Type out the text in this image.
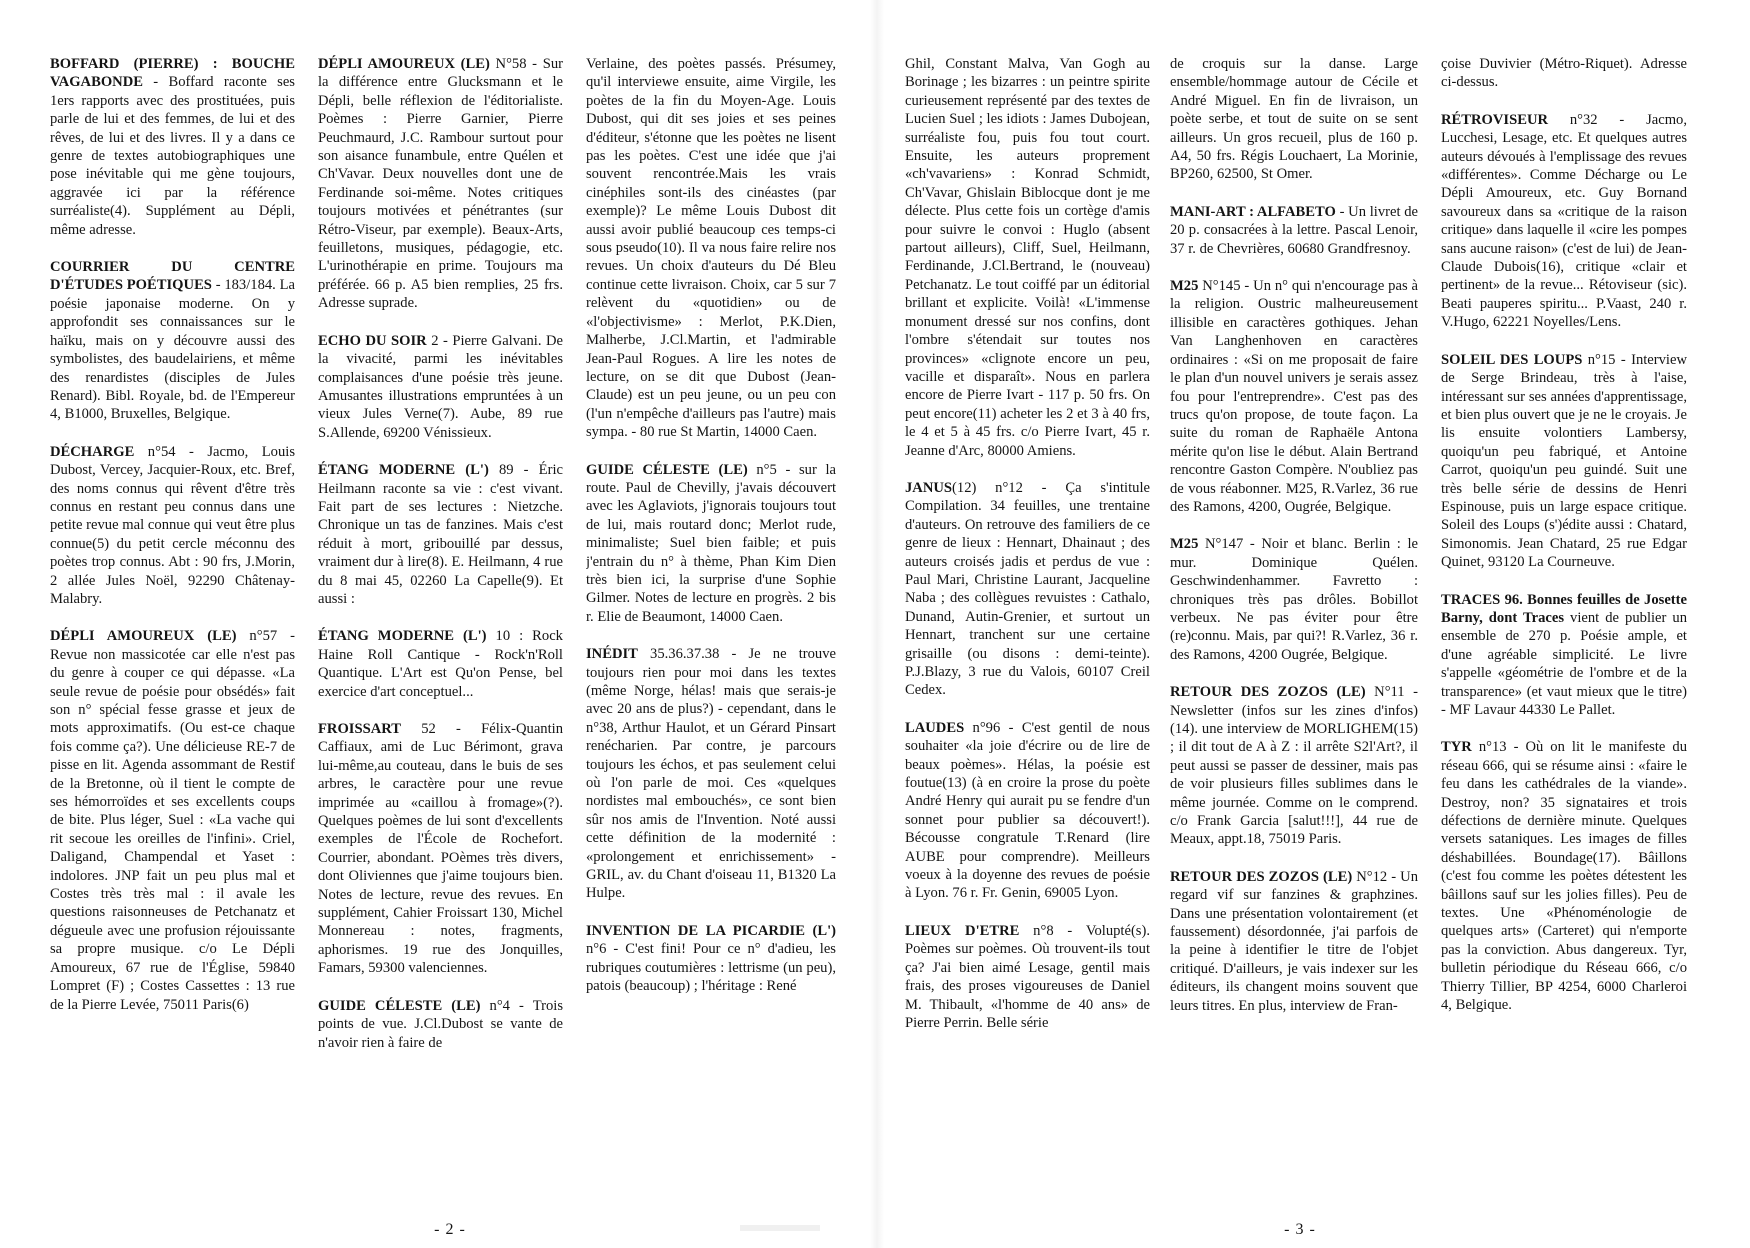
BOFFARD (PIERRE) : BOUCHE VAGABONDE - Boffard raconte ses 1ers rapports avec des prostituées, puis parle de lui et des femmes, de lui et des rêves, de lui et des livres. Il y a dans ce genre de textes autobiographiques une pose inévitable qui me gène toujours, aggravée ici par la référence surréaliste(4). Supplément au Dépli, même adresse.

COURRIER DU CENTRE D'ÉTUDES POÉTIQUES - 183/184. La poésie japonaise moderne. On y approfondit ses connaissances sur le haïku, mais on y découvre aussi des symbolistes, des baudelairiens, et même des renardistes (disciples de Jules Renard). Bibl. Royale, bd. de l'Empereur 4, B1000, Bruxelles, Belgique.

DÉCHARGE n°54 - Jacmo, Louis Dubost, Vercey, Jacquier-Roux, etc. Bref, des noms connus qui rêvent d'être très connus en restant peu connus dans une petite revue mal connue qui veut être plus connue(5) du petit cercle méconnu des poètes trop connus. Abt : 90 frs, J.Morin, 2 allée Jules Noël, 92290 Châtenay-Malabry.

DÉPLI AMOUREUX (LE) n°57 - Revue non massicotée car elle n'est pas du genre à couper ce qui dépasse. «La seule revue de poésie pour obsédés» fait son n° spécial fesse grasse et jeux de mots approximatifs. (Ou est-ce chaque fois comme ça?). Une délicieuse RE-7 de pisse en lit. Agenda assommant de Restif de la Bretonne, où il tient le compte de ses hémorroïdes et ses excellents coups de bite. Plus léger, Suel : «La vache qui rit secoue les oreilles de l'infini». Criel, Daligand, Champendal et Yaset : indolores. JNP fait un peu plus mal et Costes très très mal : il avale les questions raisonneuses de Petchanatz et dégueule avec une profusion réjouissante sa propre musique. c/o Le Dépli Amoureux, 67 rue de l'Église, 59840 Lompret (F) ; Costes Cassettes : 13 rue de la Pierre Levée, 75011 Paris(6)

DÉPLI AMOUREUX (LE) N°58 - Sur la différence entre Glucksmann et le Dépli, belle réflexion de l'éditorialiste. Poèmes : Pierre Garnier, Pierre Peuchmaurd, J.C. Rambour surtout pour son aisance funambule, entre Quélen et Ch'Vavar. Deux nouvelles dont une de Ferdinande soi-même. Notes critiques toujours motivées et pénétrantes (sur Rétro-Viseur, par exemple). Beaux-Arts, feuilletons, musiques, pédagogie, etc. L'urinothérapie en prime. Toujours ma préférée. 66 p. A5 bien remplies, 25 frs. Adresse suprade.

ECHO DU SOIR 2 - Pierre Galvani. De la vivacité, parmi les inévitables complaisances d'une poésie très jeune. Amusantes illustrations empruntées à un vieux Jules Verne(7). Aube, 89 rue S.Allende, 69200 Vénissieux.

ÉTANG MODERNE (L') 89 - Éric Heilmann raconte sa vie : c'est vivant. Fait part de ses lectures : Nietzche. Chronique un tas de fanzines. Mais c'est réduit à mort, gribouillé par dessus, vraiment dur à lire(8). E. Heilmann, 4 rue du 8 mai 45, 02260 La Capelle(9). Et aussi :

ÉTANG MODERNE (L') 10 : Rock Haine Roll Cantique - Rock'n'Roll Quantique. L'Art est Qu'on Pense, bel exercice d'art conceptuel...

FROISSART 52 - Félix-Quantin Caffiaux, ami de Luc Bérimont, grava lui-même,au couteau, dans le buis de ses arbres, le caractère pour une revue imprimée au «caillou à fromage»(?). Quelques poèmes de lui sont d'excellents exemples de l'École de Rochefort. Courrier, abondant. POèmes très divers, dont Oliviennes que j'aime toujours bien. Notes de lecture, revue des revues. En supplément, Cahier Froissart 130, Michel Monnereau : notes, fragments, aphorismes. 19 rue des Jonquilles, Famars, 59300 valenciennes.

GUIDE CÉLESTE (LE) n°4 - Trois points de vue. J.Cl.Dubost se vante de n'avoir rien à faire de

Verlaine, des poètes passés. Présumey, qu'il interviewe ensuite, aime Virgile, les poètes de la fin du Moyen-Age. Louis Dubost, qui dit ses joies et ses peines d'éditeur, s'étonne que les poètes ne lisent pas les poètes. C'est une idée que j'ai souvent rencontrée.Mais les vrais cinéphiles sont-ils des cinéastes (par exemple)? Le même Louis Dubost dit aussi avoir publié beaucoup ces temps-ci sous pseudo(10). Il va nous faire relire nos revues. Un choix d'auteurs du Dé Bleu continue cette livraison. Choix, car 5 sur 7 relèvent du «quotidien» ou de «l'objectivisme» : Merlot, P.K.Dien, Malherbe, J.Cl.Martin, et l'admirable Jean-Paul Rogues. A lire les notes de lecture, on se dit que Dubost (Jean-Claude) est un peu jeune, ou un peu con (l'un n'empêche d'ailleurs pas l'autre) mais sympa. - 80 rue St Martin, 14000 Caen.

GUIDE CÉLESTE (LE) n°5 - sur la route. Paul de Chevilly, j'avais découvert avec les Aglaviots, j'ignorais toujours tout de lui, mais routard donc; Merlot rude, minimaliste; Suel bien faible; et puis j'entrain du n° à thème, Phan Kim Dien très bien ici, la surprise d'une Sophie Gilmer. Notes de lecture en progrès. 2 bis r. Elie de Beaumont, 14000 Caen.

INÉDIT 35.36.37.38 - Je ne trouve toujours rien pour moi dans les textes (même Norge, hélas! mais que serais-je avec 20 ans de plus?) - cependant, dans le n°38, Arthur Haulot, et un Gérard Pinsart renécharien. Par contre, je parcours toujours les échos, et pas seulement celui où l'on parle de moi. Ces «quelques nordistes mal embouchés», ce sont bien sûr nos amis de l'Invention. Noté aussi cette définition de la modernité : «prolongement et enrichissement» - GRIL, av. du Chant d'oiseau 11, B1320 La Hulpe.

INVENTION DE LA PICARDIE (L') n°6 - C'est fini! Pour ce n° d'adieu, les rubriques coutumières : lettrisme (un peu), patois (beaucoup) ; l'héritage : René

- 2 -

Ghil, Constant Malva, Van Gogh au Borinage ; les bizarres : un peintre spirite curieusement représenté par des textes de Lucien Suel ; les idiots : James Dubojean, surréaliste fou, puis fou tout court. Ensuite, les auteurs proprement «ch'vavariens» : Konrad Schmidt, Ch'Vavar, Ghislain Biblocque dont je me délecte. Plus cette fois un cortège d'amis pour suivre le convoi : Huglo (absent partout ailleurs), Cliff, Suel, Heilmann, Ferdinande, J.Cl.Bertrand, le (nouveau) Petchanatz. Le tout coiffé par un éditorial brillant et explicite. Voilà! «L'immense monument dressé sur nos confins, dont l'ombre s'étendait sur toutes nos provinces» «clignote encore un peu, vacille et disparaît». Nous en parlera encore de Pierre Ivart - 117 p. 50 frs. On peut encore(11) acheter les 2 et 3 à 40 frs, le 4 et 5 à 45 frs. c/o Pierre Ivart, 45 r. Jeanne d'Arc, 80000 Amiens.

JANUS(12) n°12 - Ça s'intitule Compilation. 34 feuilles, une trentaine d'auteurs. On retrouve des familiers de ce genre de lieux : Hennart, Dhainaut ; des auteurs croisés jadis et perdus de vue : Paul Mari, Christine Laurant, Jacqueline Naba ; des collègues revuistes : Cathalo, Dunand, Autin-Grenier, et surtout un Hennart, tranchent sur une certaine grisaille (ou disons : demi-teinte). P.J.Blazy, 3 rue du Valois, 60107 Creil Cedex.

LAUDES n°96 - C'est gentil de nous souhaiter «la joie d'écrire ou de lire de beaux poèmes». Hélas, la poésie est foutue(13) (à en croire la prose du poète André Henry qui aurait pu se fendre d'un sonnet pour publier sa découvert!). Bécousse congratule T.Renard (lire AUBE pour comprendre). Meilleurs voeux à la doyenne des revues de poésie à Lyon. 76 r. Fr. Genin, 69005 Lyon.

LIEUX D'ETRE n°8 - Volupté(s). Poèmes sur poèmes. Où trouvent-ils tout ça? J'ai bien aimé Lesage, gentil mais frais, des proses vigoureuses de Daniel M. Thibault, «l'homme de 40 ans» de Pierre Perrin. Belle série

de croquis sur la danse. Large ensemble/hommage autour de Cécile et André Miguel. En fin de livraison, un poète serbe, et tout de suite on se sent ailleurs. Un gros recueil, plus de 160 p. A4, 50 frs. Régis Louchaert, La Morinie, BP260, 62500, St Omer.

MANI-ART : ALFABETO - Un livret de 20 p. consacrées à la lettre. Pascal Lenoir, 37 r. de Chevrières, 60680 Grandfresnoy.

M25 N°145 - Un n° qui n'encourage pas à la religion. Oustric malheureusement illisible en caractères gothiques. Jehan Van Langhenhoven en caractères ordinaires : «Si on me proposait de faire le plan d'un nouvel univers je serais assez fou pour l'entreprendre». C'est pas des trucs qu'on propose, de toute façon. La suite du roman de Raphaële Antona mérite qu'on lise le début. Alain Bertrand rencontre Gaston Compère. N'oubliez pas de vous réabonner. M25, R.Varlez, 36 rue des Ramons, 4200, Ougrée, Belgique.

M25 N°147 - Noir et blanc. Berlin : le mur. Dominique Quélen. Geschwindenhammer. Favretto : chroniques très pas drôles. Bobillot verbeux. Ne pas éviter pour être (re)connu. Mais, par qui?! R.Varlez, 36 r. des Ramons, 4200 Ougrée, Belgique.

RETOUR DES ZOZOS (LE) N°11 - Newsletter (infos sur les zines d'infos)(14). une interview de MORLIGHEM(15) ; il dit tout de A à Z : il arrête S2l'Art?, il peut aussi se passer de dessiner, mais pas de voir plusieurs filles sublimes dans le même journée. Comme on le comprend. c/o Frank Garcia [salut!!!], 44 rue de Meaux, appt.18, 75019 Paris.

RETOUR DES ZOZOS (LE) N°12 - Un regard vif sur fanzines & graphzines. Dans une présentation volontairement (et faussement) désordonnée, j'ai parfois de la peine à identifier le titre de l'objet critiqué. D'ailleurs, je vais indexer sur les éditeurs, ils changent moins souvent que leurs titres. En plus, interview de Fran-

çoise Duvivier (Métro-Riquet). Adresse ci-dessus.

RÉTROVISEUR n°32 - Jacmo, Lucchesi, Lesage, etc. Et quelques autres auteurs dévoués à l'emplissage des revues «différentes». Comme Décharge ou Le Dépli Amoureux, etc. Guy Bornand savoureux dans sa «critique de la raison critique» dans laquelle il «cire les pompes sans aucune raison» (c'est de lui) de Jean-Claude Dubois(16), critique «clair et pertinent» de la revue... Rétoviseur (sic). Beati pauperes spiritu... P.Vaast, 240 r. V.Hugo, 62221 Noyelles/Lens.

SOLEIL DES LOUPS n°15 - Interview de Serge Brindeau, très à l'aise, intéressant sur ses années d'apprentissage, et bien plus ouvert que je ne le croyais. Je lis ensuite volontiers Lambersy, quoiqu'un peu fabriqué, et Antoine Carrot, quoiqu'un peu guindé. Suit une très belle série de dessins de Henri Espinouse, puis un large espace critique. Soleil des Loups (s')édite aussi : Chatard, Simonomis. Jean Chatard, 25 rue Edgar Quinet, 93120 La Courneuve.

TRACES 96. Bonnes feuilles de Josette Barny, dont Traces vient de publier un ensemble de 270 p. Poésie ample, et d'une agréable simplicité. Le livre s'appelle «géométrie de l'ombre et de la transparence» (et vaut mieux que le titre) - MF Lavaur 44330 Le Pallet.

TYR n°13 - Où on lit le manifeste du réseau 666, qui se résume ainsi : «faire le feu dans les cathédrales de la viande». Destroy, non? 35 signataires et trois défections de dernière minute. Quelques versets sataniques. Les images de filles déshabillées. Boundage(17). Bâillons (c'est fou comme les poètes détestent les bâillons sauf sur les jolies filles). Peu de textes. Une «Phénoménologie de quelques arts» (Carteret) qui n'emporte pas la conviction. Abus dangereux. Tyr, bulletin périodique du Réseau 666, c/o Thierry Tillier, BP 4254, 6000 Charleroi 4, Belgique.

- 3 -
